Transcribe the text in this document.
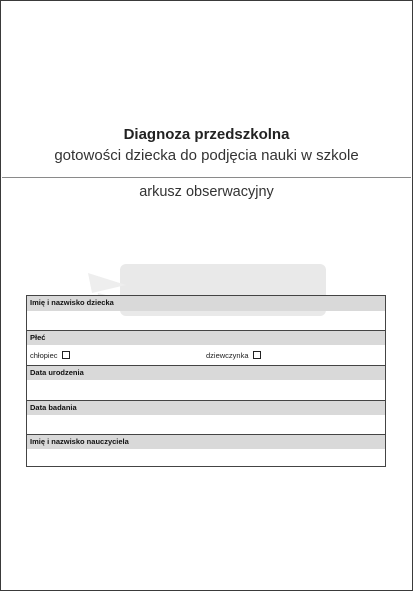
Diagnoza przedszkolna
gotowości dziecka do podjęcia nauki w szkole
arkusz obserwacyjny
Imię i nazwisko dziecka
Płeć
chłopiec	dziewczynka
Data urodzenia
Data badania
Imię i nazwisko nauczyciela
